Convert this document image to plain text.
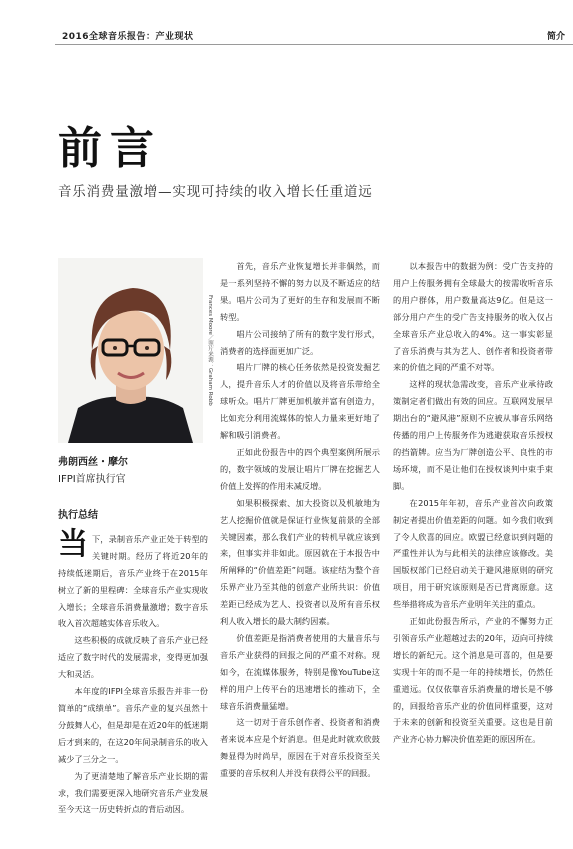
2016全球音乐报告：产业现状	简介
前言
音乐消费量激增—实现可持续的收入增长任重道远
Frances Moore／照片来源：Graham Robb
弗朗西丝・摩尔
IFPI首席执行官
执行总结

当下，录制音乐产业正处于转型的关键时期。经历了将近20年的持续低迷期后，音乐产业终于在2015年树立了新的里程碑：全球音乐产业实现收入增长；全球音乐消费量激增；数字音乐收入首次超越实体音乐收入。

这些积极的成就反映了音乐产业已经适应了数字时代的发展需求，变得更加强大和灵活。

本年度的IFPI全球音乐报告并非一份简单的“成绩单”。音乐产业的复兴虽然十分鼓舞人心，但是却是在近20年的低迷期后才到来的，在这20年间录制音乐的收入减少了三分之一。

为了更清楚地了解音乐产业长期的需求，我们需要更深入地研究音乐产业发展至今天这一历史转折点的背后动因。

首先，音乐产业恢复增长并非偶然，而是一系列坚持不懈的努力以及不断适应的结果。唱片公司为了更好的生存和发展而不断转型。

唱片公司接纳了所有的数字发行形式，消费者的选择面更加广泛。

唱片厂牌的核心任务依然是投资发掘艺人，提升音乐人才的价值以及将音乐带给全球听众。唱片厂牌更加机敏并富有创造力，比如充分利用流媒体的惊人力量来更好地了解和吸引消费者。

正如此份报告中的四个典型案例所展示的，数字领域的发展让唱片厂牌在挖掘艺人价值上发挥的作用未减反增。

如果积极探索、加大投资以及机敏地为艺人挖掘价值就是保证行业恢复前景的全部关键因素，那么我们产业的转机早就应该到来，但事实并非如此。原因就在于本报告中所阐释的“价值差距”问题。该症结为整个音乐界产业乃至其他的创意产业所共识：价值差距已经成为艺人、投资者以及所有音乐权利人收入增长的最大制约因素。

价值差距是指消费者使用的大量音乐与音乐产业获得的回报之间的严重不对称。现如今，在流媒体服务，特别是像YouTube这样的用户上传平台的迅速增长的推动下，全球音乐消费量猛增。

这一切对于音乐创作者、投资者和消费者来说本应是个好消息。但是此时就欢欣鼓舞显得为时尚早，原因在于对音乐投资至关重要的音乐权利人并没有获得公平的回报。

以本报告中的数据为例：受广告支持的用户上传服务拥有全球最大的按需收听音乐的用户群体，用户数量高达9亿。但是这一部分用户产生的受广告支持服务的收入仅占全球音乐产业总收入的4%。这一事实彰显了音乐消费与其为艺人、创作者和投资者带来的价值之间的严重不对等。

这样的现状急需改变，音乐产业承待政策制定者们做出有效的回应。互联网发展早期出台的“避风港”原则不应被从事音乐网络传播的用户上传服务作为逃避获取音乐授权的挡箭牌。应当为厂牌创造公平、良性的市场环境，而不是让他们在授权谈判中束手束脚。

在2015年年初，音乐产业首次向政策制定者提出价值差距的问题。如今我们收到了令人欣喜的回应。欧盟已经意识到问题的严重性并认为与此相关的法律应该修改。美国版权部门已经启动关于避风港原则的研究项目，用于研究该原则是否已背离原意。这些举措将成为音乐产业明年关注的重点。

正如此份报告所示，产业的不懈努力正引领音乐产业超越过去的20年，迈向可持续增长的新纪元。这个消息是可喜的，但是要实现十年的而不是一年的持续增长，仍然任重道远。仅仅依靠音乐消费量的增长是不够的，回报给音乐产业的价值同样重要，这对于未来的创新和投资至关重要。这也是目前产业齐心协力解决价值差距的原因所在。
